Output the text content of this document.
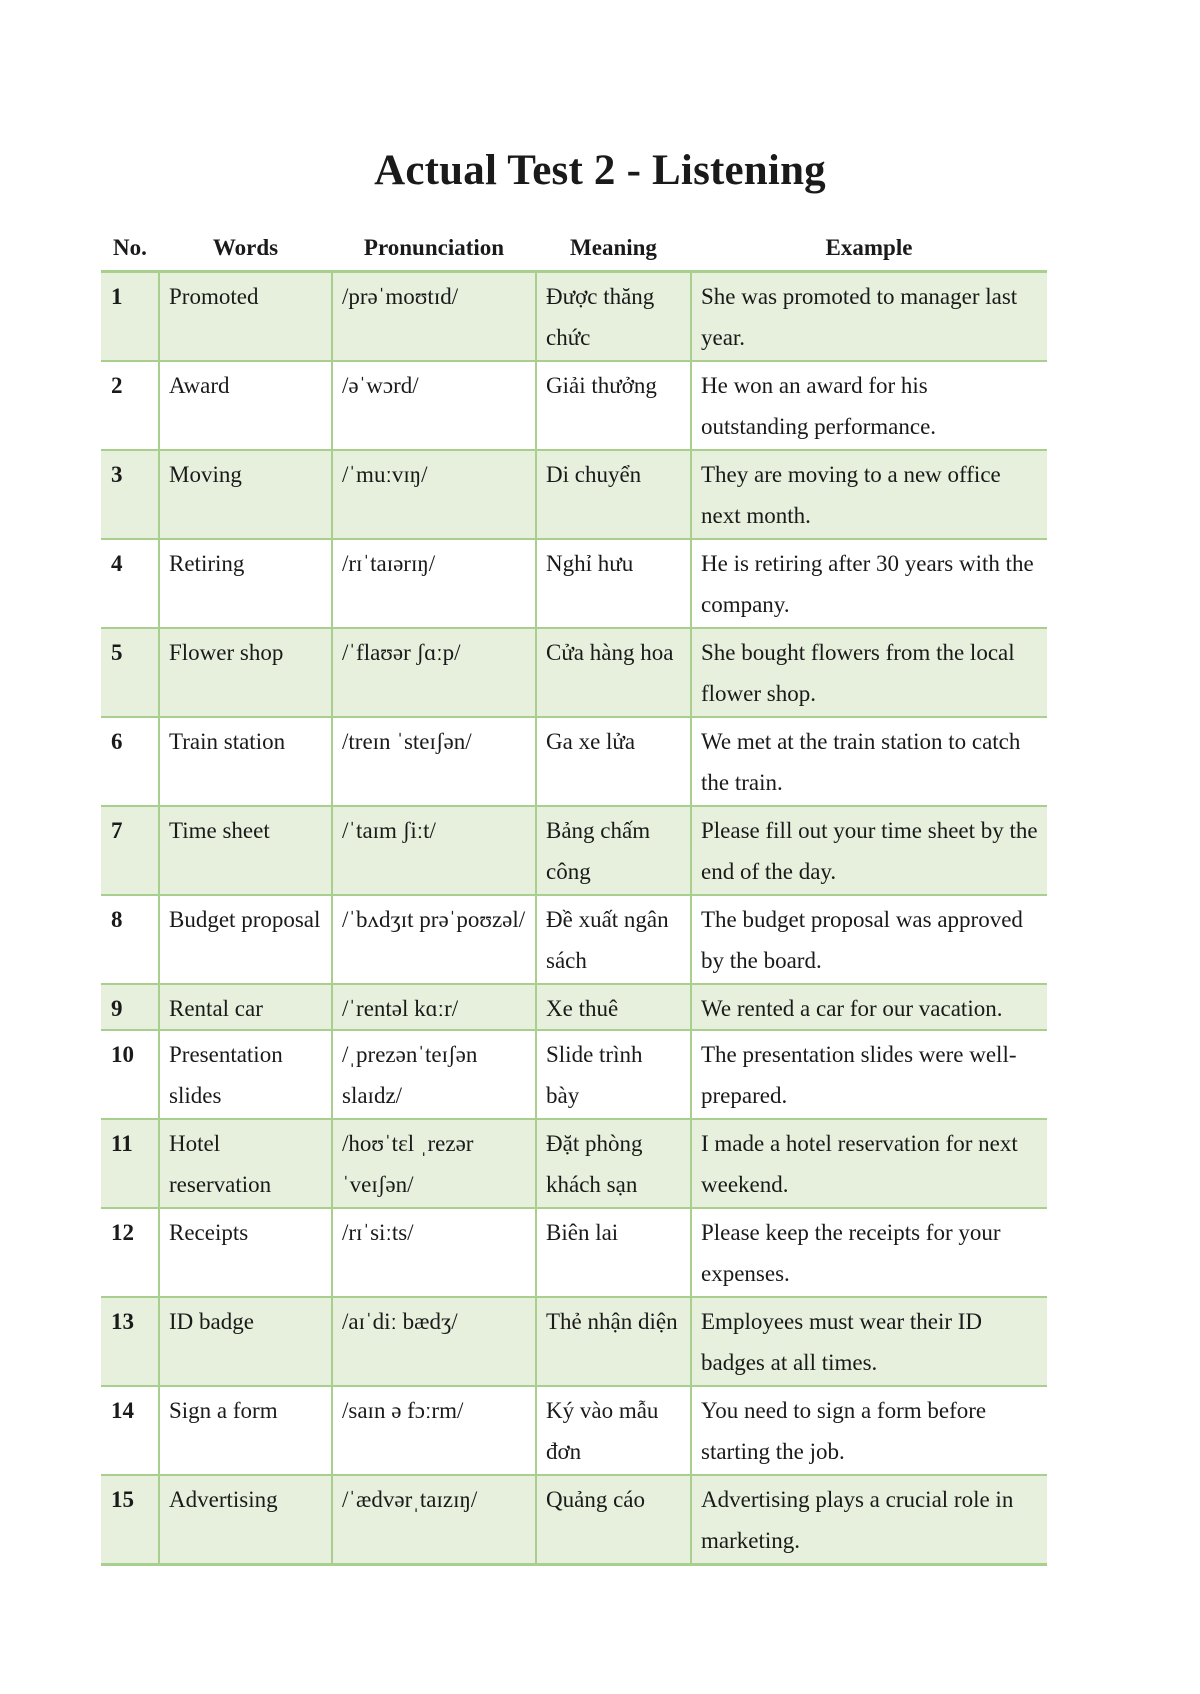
Actual Test 2 - Listening
No.	Words	Pronunciation	Meaning	Example
1	Promoted	/prəˈmoʊtɪd/	Được thăng chức	She was promoted to manager last year.
2	Award	/əˈwɔrd/	Giải thưởng	He won an award for his outstanding performance.
3	Moving	/ˈmuːvɪŋ/	Di chuyển	They are moving to a new office next month.
4	Retiring	/rɪˈtaɪərɪŋ/	Nghỉ hưu	He is retiring after 30 years with the company.
5	Flower shop	/ˈflaʊər ʃɑːp/	Cửa hàng hoa	She bought flowers from the local flower shop.
6	Train station	/treɪn ˈsteɪʃən/	Ga xe lửa	We met at the train station to catch the train.
7	Time sheet	/ˈtaɪm ʃiːt/	Bảng chấm công	Please fill out your time sheet by the end of the day.
8	Budget proposal	/ˈbʌdʒɪt prəˈpoʊzəl/	Đề xuất ngân sách	The budget proposal was approved by the board.
9	Rental car	/ˈrentəl kɑːr/	Xe thuê	We rented a car for our vacation.
10	Presentation slides	/ˌprezənˈteɪʃən slaɪdz/	Slide trình bày	The presentation slides were well-prepared.
11	Hotel reservation	/hoʊˈtɛl ˌrezərˈveɪʃən/	Đặt phòng khách sạn	I made a hotel reservation for next weekend.
12	Receipts	/rɪˈsiːts/	Biên lai	Please keep the receipts for your expenses.
13	ID badge	/aɪˈdiː bædʒ/	Thẻ nhận diện	Employees must wear their ID badges at all times.
14	Sign a form	/saɪn ə fɔːrm/	Ký vào mẫu đơn	You need to sign a form before starting the job.
15	Advertising	/ˈædvərˌtaɪzɪŋ/	Quảng cáo	Advertising plays a crucial role in marketing.
